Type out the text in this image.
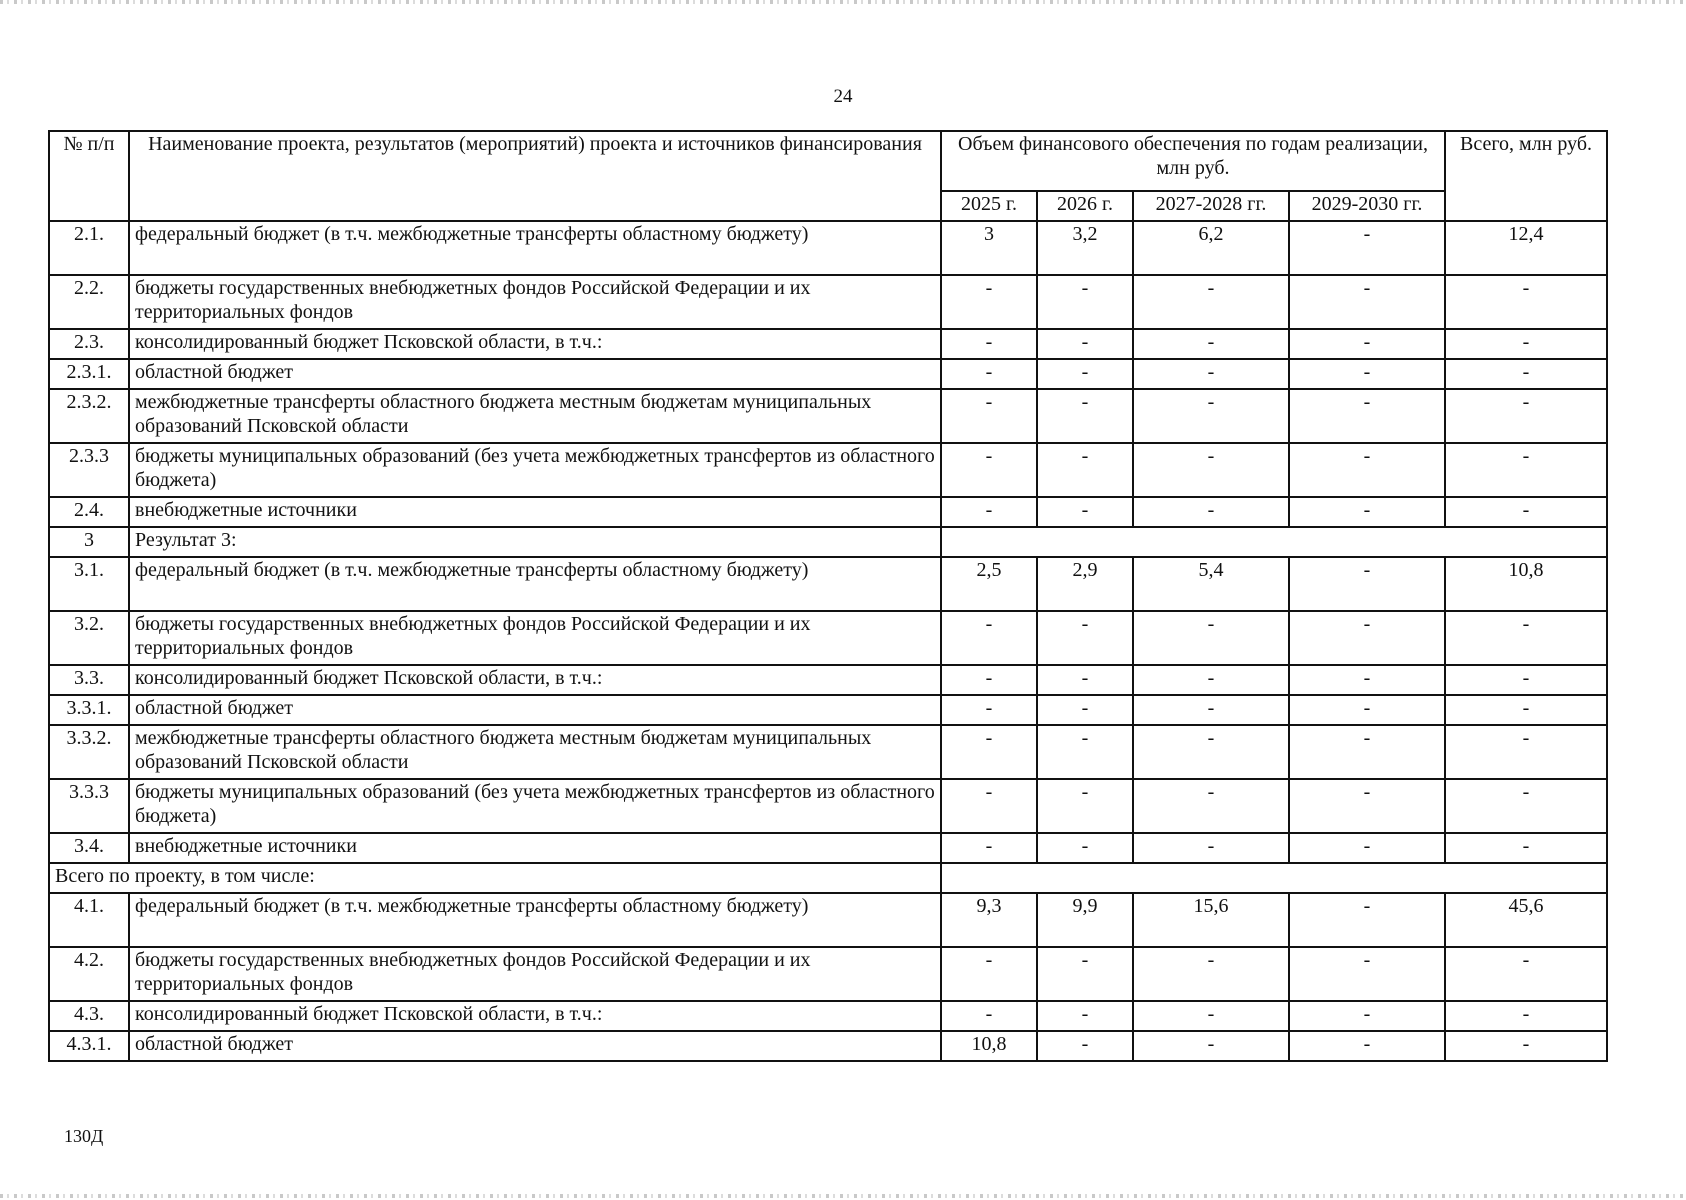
24
№ п/п	Наименование проекта, результатов (мероприятий) проекта и источников финансирования	Объем финансового обеспечения по годам реализации, млн руб.				Всего, млн руб.
		2025 г.	2026 г.	2027-2028 гг.	2029-2030 гг.	
2.1.	федеральный бюджет (в т.ч. межбюджетные трансферты областному бюджету)	3	3,2	6,2	-	12,4
2.2.	бюджеты государственных внебюджетных фондов Российской Федерации и их территориальных фондов	-	-	-	-	-
2.3.	консолидированный бюджет Псковской области, в т.ч.:	-	-	-	-	-
2.3.1.	областной бюджет	-	-	-	-	-
2.3.2.	межбюджетные трансферты областного бюджета местным бюджетам муниципальных образований Псковской области	-	-	-	-	-
2.3.3	бюджеты муниципальных образований (без учета межбюджетных трансфертов из областного бюджета)	-	-	-	-	-
2.4.	внебюджетные источники	-	-	-	-	-
3	Результат 3:					
3.1.	федеральный бюджет (в т.ч. межбюджетные трансферты областному бюджету)	2,5	2,9	5,4	-	10,8
3.2.	бюджеты государственных внебюджетных фондов Российской Федерации и их территориальных фондов	-	-	-	-	-
3.3.	консолидированный бюджет Псковской области, в т.ч.:	-	-	-	-	-
3.3.1.	областной бюджет	-	-	-	-	-
3.3.2.	межбюджетные трансферты областного бюджета местным бюджетам муниципальных образований Псковской области	-	-	-	-	-
3.3.3	бюджеты муниципальных образований (без учета межбюджетных трансфертов из областного бюджета)	-	-	-	-	-
3.4.	внебюджетные источники	-	-	-	-	-
Всего по проекту, в том числе:						
4.1.	федеральный бюджет (в т.ч. межбюджетные трансферты областному бюджету)	9,3	9,9	15,6	-	45,6
4.2.	бюджеты государственных внебюджетных фондов Российской Федерации и их территориальных фондов	-	-	-	-	-
4.3.	консолидированный бюджет Псковской области, в т.ч.:	-	-	-	-	-
4.3.1.	областной бюджет	10,8	-	-	-	-
130Д
